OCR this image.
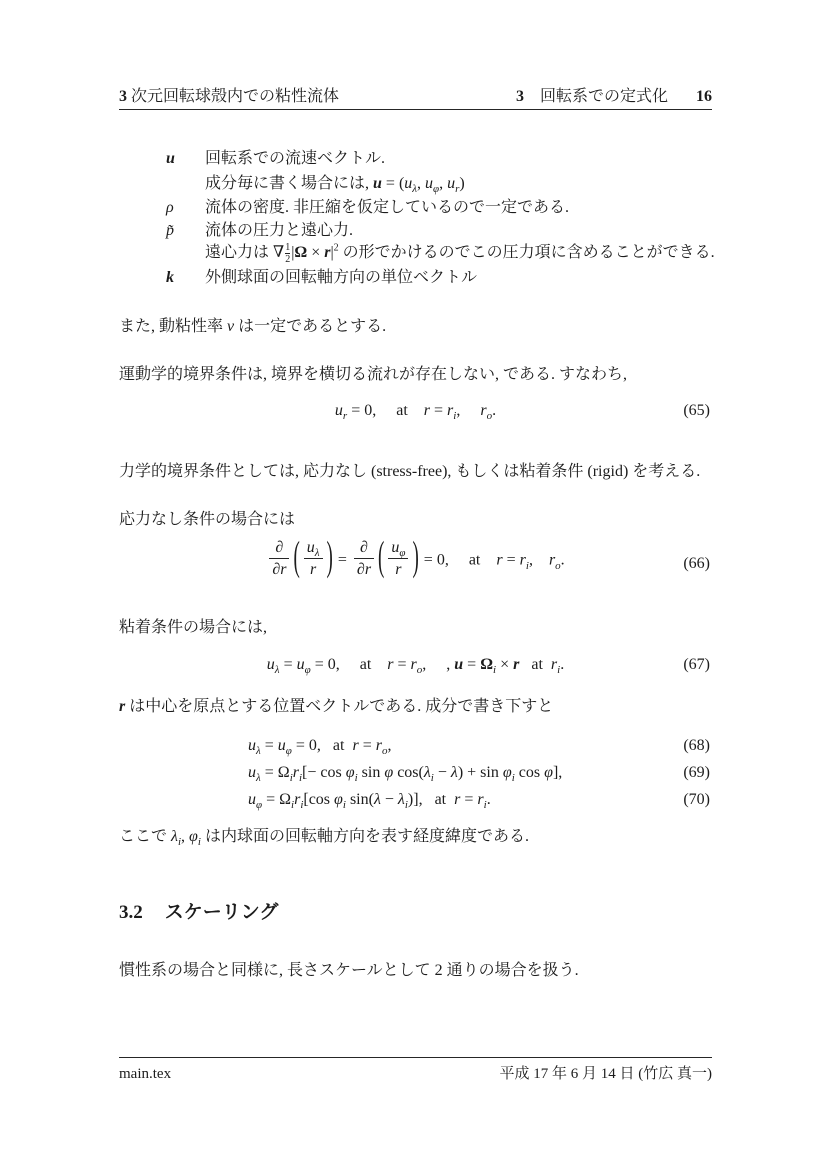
3 次元回転球殻内での粘性流体	3 回転系での定式化 16
u 回転系での流速ベクトル.
成分毎に書く場合には, $u = (u_\lambda$, $u_\varphi$, $u_r$)
ρ 流体の密度. 非圧縮を仮定しているので一定である.
p̃ 流体の圧力と遠心力.
遠心力は ∇ $\frac{1}{2} |\Omega \times r|^2$ の形でかけるのでこの圧力項に含めることができる.
k 外側球面の回転軸方向の単位ベクトル
また, 動粘性率 ν は一定であるとする.
運動学的境界条件は, 境界を横切る流れが存在しない, である. すなわち,
$u_r = 0$,  at $r = r_i$,  $r_o$.	(65)
力学的境界条件としては, 応力なし (stress-free), もしくは粘着条件 (rigid) を考える.
応力なし条件の場合には
∂
∂r ( $\frac{u_\lambda}{r}$ ) =
∂
∂r ( $\frac{u_\varphi}{r}$ ) = 0,  at $r = r_i$, $r_o$.	(66)
粘着条件の場合には,
$u_\lambda = u_\varphi = 0$,  at $r = r_o$,  , $u = \Omega_i \times r$  at $r_i$.	(67)
r は中心を原点とする位置ベクトルである. 成分で書き下すと
$u_\lambda = u_\varphi = 0$,  at $r = r_o$,	(68)
$u_\lambda = \Omega_ir_i[- \cos \varphi_i$ sin φ $\cos(\lambda_i - \lambda) + \sin \varphi_i$ cos φ],	(69)
$u_\varphi = \Omega_ir_i[\cos$ $\varphi_i$ $\sin(\lambda - \lambda_i)$],  at $r = r_i$.	(70)
ここで $\lambda_i$, $\varphi_i$ は内球面の回転軸方向を表す経度緯度である.
3.2 スケーリング
慣性系の場合と同様に, 長さスケールとして 2 通りの場合を扱う.
main.tex	平成 17 年 6 月 14 日 (竹広 真一)
